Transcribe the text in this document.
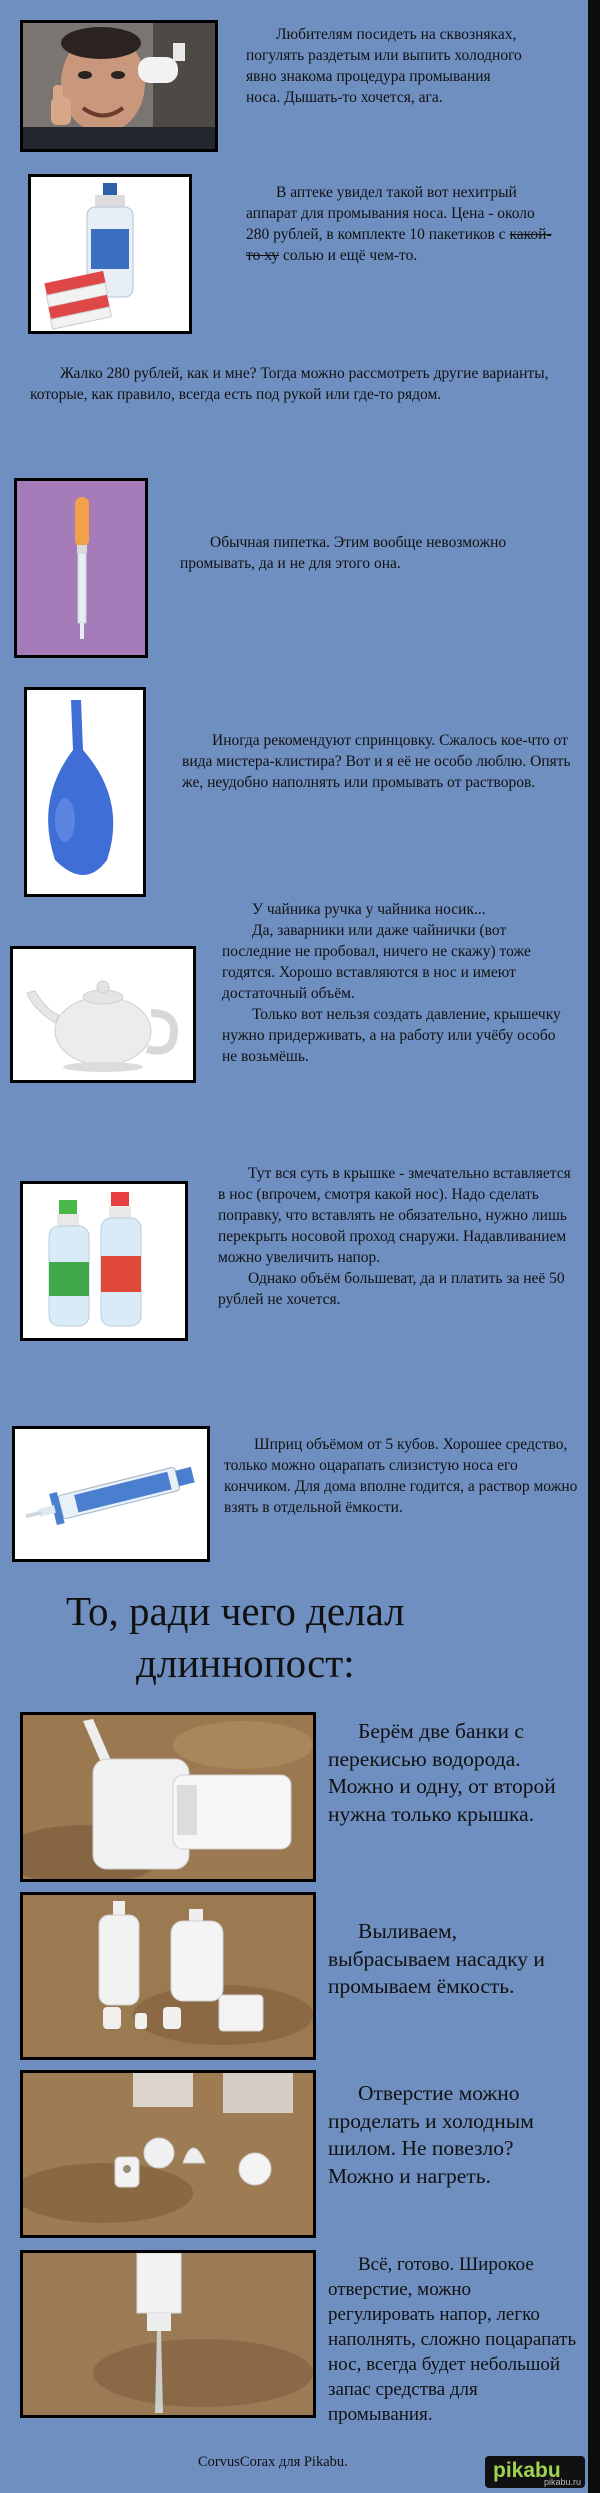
Любителям посидеть на сквозняках, погулять раздетым или выпить холодного явно знакома процедура промывания носа. Дышать-то хочется, ага.
В аптеке увидел такой вот нехитрый аппарат для промывания носа. Цена - около 280 рублей, в комплекте 10 пакетиков с какой-то ху солью и ещё чем-то.
Жалко 280 рублей, как и мне? Тогда можно рассмотреть другие варианты, которые, как правило, всегда есть под рукой или где-то рядом.
Обычная пипетка. Этим вообще невозможно промывать, да и не для этого она.
Иногда рекомендуют спринцовку. Сжалось кое-что от вида мистера-клистира? Вот и я её не особо люблю. Опять же, неудобно наполнять или промывать от растворов.
У чайника ручка у чайника носик...
Да, заварники или даже чайнички (вот последние не пробовал, ничего не скажу) тоже годятся. Хорошо вставляются в нос и имеют достаточный объём.
Только вот нельзя создать давление, крышечку нужно придерживать, а на работу или учёбу особо не возьмёшь.
Тут вся суть в крышке - змечательно вставляется в нос (впрочем, смотря какой нос). Надо сделать поправку, что вставлять не обязательно, нужно лишь перекрыть носовой проход снаружи. Надавливанием можно увеличить напор.
Однако объём большеват, да и платить за неё 50 рублей не хочется.
Шприц объёмом от 5 кубов. Хорошее средство, только можно оцарапать слизистую носа его кончиком. Для дома вполне годится, а раствор можно взять в отдельной ёмкости.
То, ради чего делал
длиннопост:
Берём две банки с перекисью водорода. Можно и одну, от второй нужна только крышка.
Выливаем, выбрасываем насадку и промываем ёмкость.
Отверстие можно проделать и холодным шилом. Не повезло? Можно и нагреть.
Всё, готово. Широкое отверстие, можно регулировать напор, легко наполнять, сложно поцарапать нос, всегда будет небольшой запас средства для промывания.
CorvusCorax для Pikabu.	pikabu
pikabu.ru
